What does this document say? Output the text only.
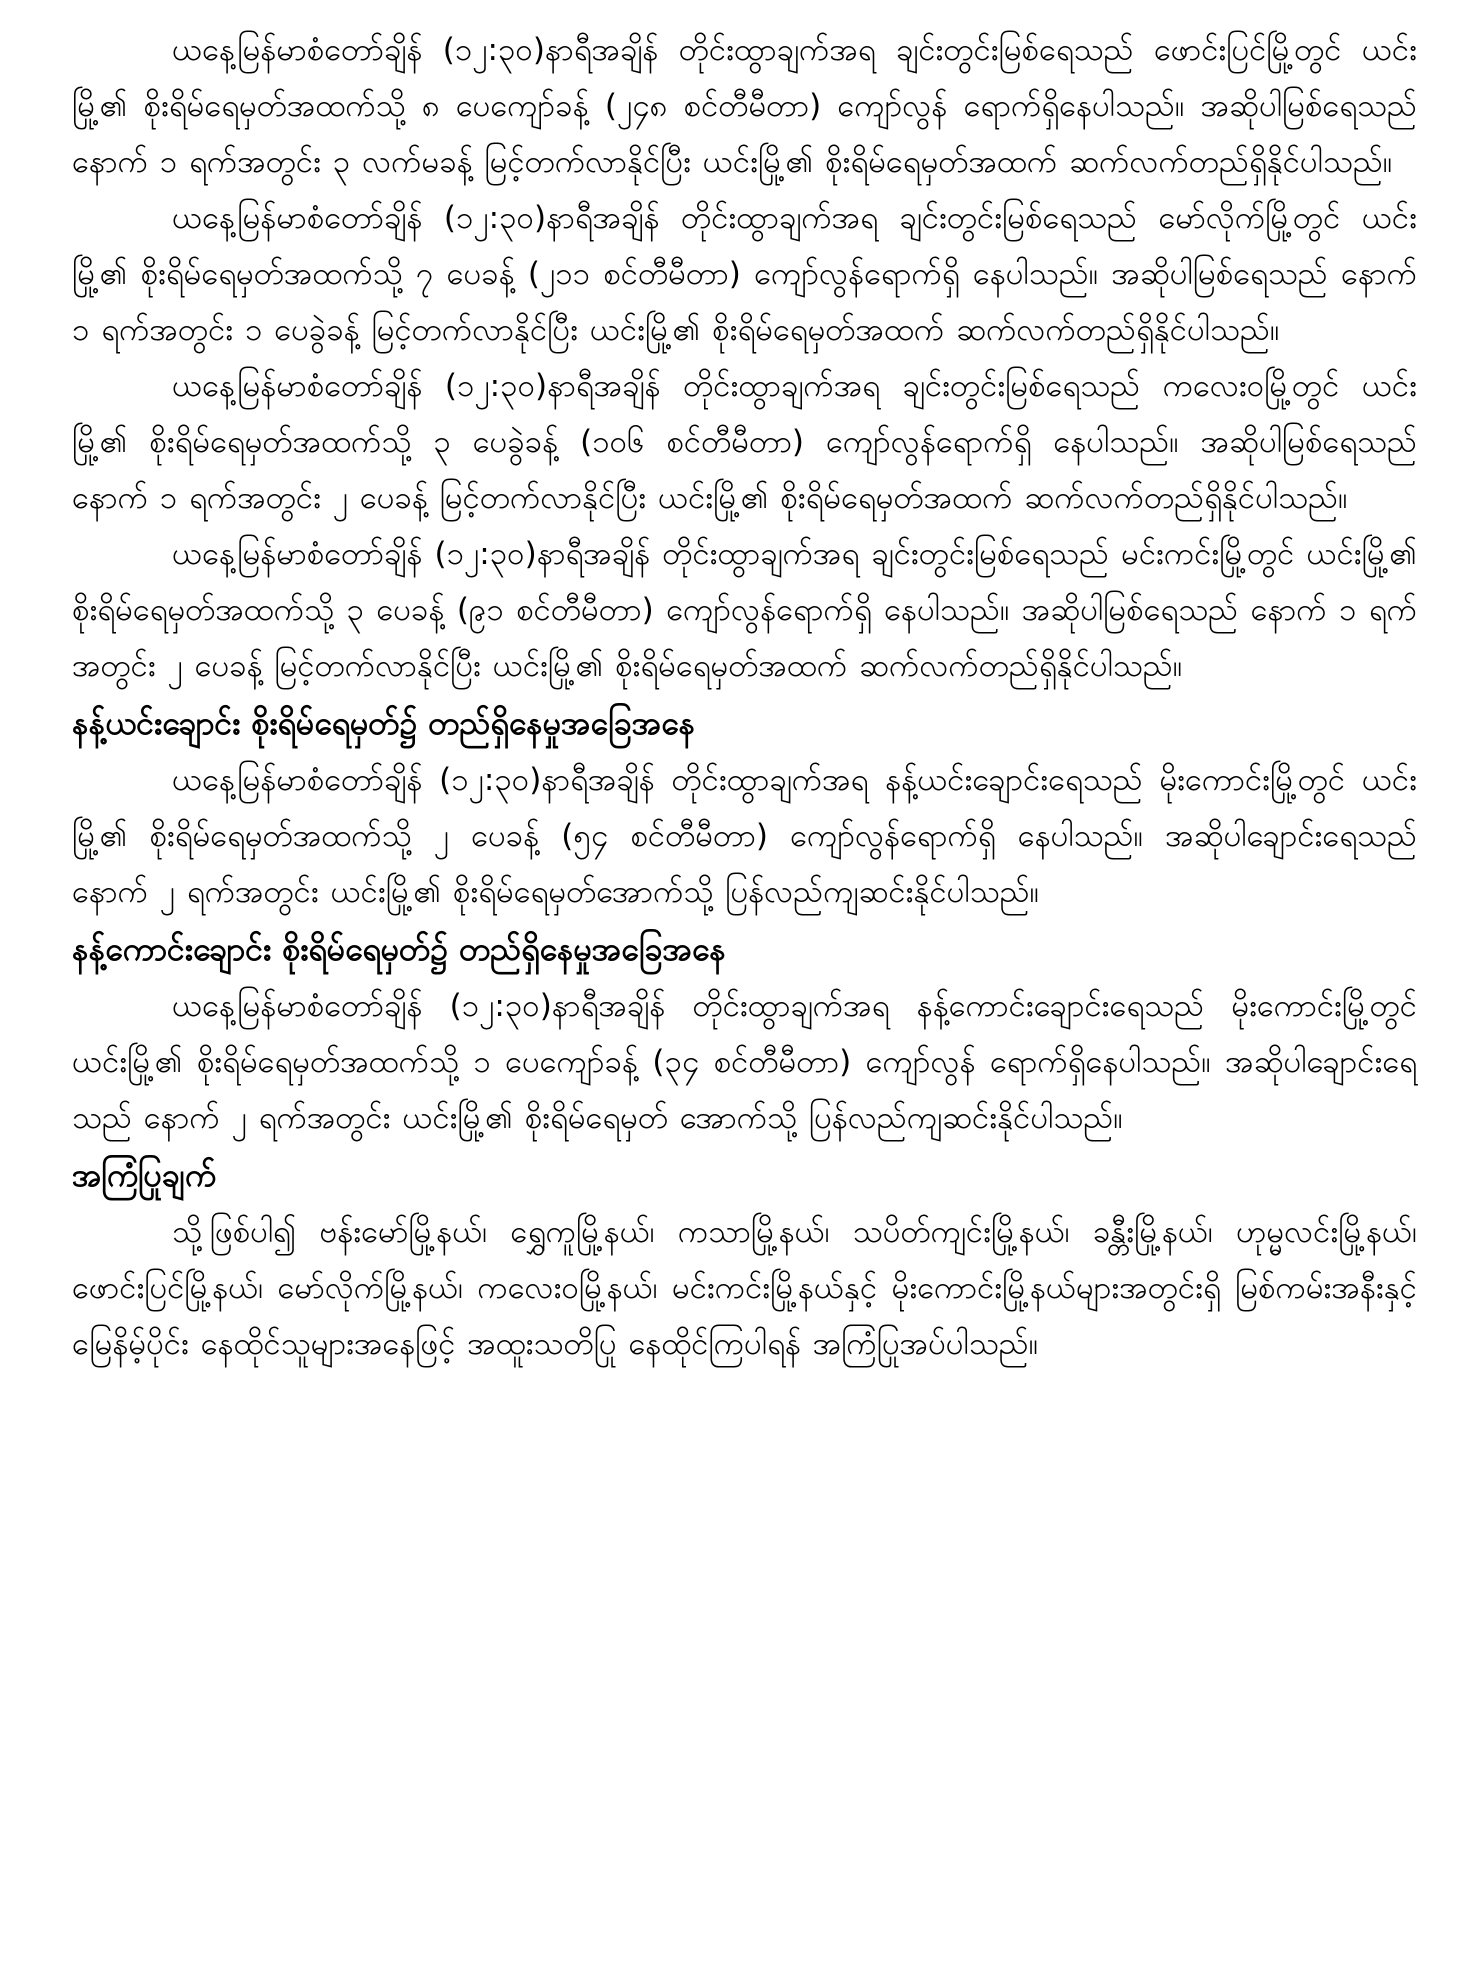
ယနေ့မြန်မာစံတော်ချိန် (၁၂:၃၀)နာရီအချိန် တိုင်းထွာချက်အရ ချင်းတွင်းမြစ်ရေသည် ဖောင်းပြင်မြို့တွင် ယင်းမြို့၏ စိုးရိမ်ရေမှတ်အထက်သို့ ၈ ပေကျော်ခန့် (၂၄၈ စင်တီမီတာ) ကျော်လွန် ရောက်ရှိနေပါသည်။ အဆိုပါမြစ်ရေသည် နောက် ၁ ရက်အတွင်း ၃ လက်မခန့် မြင့်တက်လာနိုင်ပြီး ယင်းမြို့၏ စိုးရိမ်ရေမှတ်အထက် ဆက်လက်တည်ရှိနိုင်ပါသည်။

ယနေ့မြန်မာစံတော်ချိန် (၁၂:၃၀)နာရီအချိန် တိုင်းထွာချက်အရ ချင်းတွင်းမြစ်ရေသည် မော်လိုက်မြို့တွင် ယင်းမြို့၏ စိုးရိမ်ရေမှတ်အထက်သို့ ၇ ပေခန့် (၂၁၁ စင်တီမီတာ) ကျော်လွန်ရောက်ရှိ နေပါသည်။ အဆိုပါမြစ်ရေသည် နောက် ၁ ရက်အတွင်း ၁ ပေခွဲခန့် မြင့်တက်လာနိုင်ပြီး ယင်းမြို့၏ စိုးရိမ်ရေမှတ်အထက် ဆက်လက်တည်ရှိနိုင်ပါသည်။

ယနေ့မြန်မာစံတော်ချိန် (၁၂:၃၀)နာရီအချိန် တိုင်းထွာချက်အရ ချင်းတွင်းမြစ်ရေသည် ကလေးဝမြို့တွင် ယင်းမြို့၏ စိုးရိမ်ရေမှတ်အထက်သို့ ၃ ပေခွဲခန့် (၁၀၆ စင်တီမီတာ) ကျော်လွန်ရောက်ရှိ နေပါသည်။ အဆိုပါမြစ်ရေသည် နောက် ၁ ရက်အတွင်း ၂ ပေခန့် မြင့်တက်လာနိုင်ပြီး ယင်းမြို့၏ စိုးရိမ်ရေမှတ်အထက် ဆက်လက်တည်ရှိနိုင်ပါသည်။

ယနေ့မြန်မာစံတော်ချိန် (၁၂:၃၀)နာရီအချိန် တိုင်းထွာချက်အရ ချင်းတွင်းမြစ်ရေသည် မင်းကင်းမြို့တွင် ယင်းမြို့၏ စိုးရိမ်ရေမှတ်အထက်သို့ ၃ ပေခန့် (၉၁ စင်တီမီတာ) ကျော်လွန်ရောက်ရှိ နေပါသည်။ အဆိုပါမြစ်ရေသည် နောက် ၁ ရက်အတွင်း ၂ ပေခန့် မြင့်တက်လာနိုင်ပြီး ယင်းမြို့၏ စိုးရိမ်ရေမှတ်အထက် ဆက်လက်တည်ရှိနိုင်ပါသည်။

နန့်ယင်းချောင်း စိုးရိမ်ရေမှတ်၌ တည်ရှိနေမှုအခြေအနေ

ယနေ့မြန်မာစံတော်ချိန် (၁၂:၃၀)နာရီအချိန် တိုင်းထွာချက်အရ နန့်ယင်းချောင်းရေသည် မိုးကောင်းမြို့တွင် ယင်းမြို့၏ စိုးရိမ်ရေမှတ်အထက်သို့ ၂ ပေခန့် (၅၄ စင်တီမီတာ) ကျော်လွန်ရောက်ရှိ နေပါသည်။ အဆိုပါချောင်းရေသည် နောက် ၂ ရက်အတွင်း ယင်းမြို့၏ စိုးရိမ်ရေမှတ်အောက်သို့ ပြန်လည်ကျဆင်းနိုင်ပါသည်။

နန့်ကောင်းချောင်း စိုးရိမ်ရေမှတ်၌ တည်ရှိနေမှုအခြေအနေ

ယနေ့မြန်မာစံတော်ချိန် (၁၂:၃၀)နာရီအချိန် တိုင်းထွာချက်အရ နန့်ကောင်းချောင်းရေသည် မိုးကောင်းမြို့တွင် ယင်းမြို့၏ စိုးရိမ်ရေမှတ်အထက်သို့ ၁ ပေကျော်ခန့် (၃၄ စင်တီမီတာ) ကျော်လွန် ရောက်ရှိနေပါသည်။ အဆိုပါချောင်းရေသည် နောက် ၂ ရက်အတွင်း ယင်းမြို့၏ စိုးရိမ်ရေမှတ် အောက်သို့ ပြန်လည်ကျဆင်းနိုင်ပါသည်။

အကြံပြုချက်

သို့ဖြစ်ပါ၍ ဗန်းမော်မြို့နယ်၊ ရွှေကူမြို့နယ်၊ ကသာမြို့နယ်၊ သပိတ်ကျင်းမြို့နယ်၊ ခန္တီးမြို့နယ်၊ ဟုမ္မလင်းမြို့နယ်၊ ဖောင်းပြင်မြို့နယ်၊ မော်လိုက်မြို့နယ်၊ ကလေးဝမြို့နယ်၊ မင်းကင်းမြို့နယ်နှင့် မိုးကောင်းမြို့နယ်များအတွင်းရှိ မြစ်ကမ်းအနီးနှင့်မြေနိမ့်ပိုင်း နေထိုင်သူများအနေဖြင့် အထူးသတိပြု နေထိုင်ကြပါရန် အကြံပြုအပ်ပါသည်။
